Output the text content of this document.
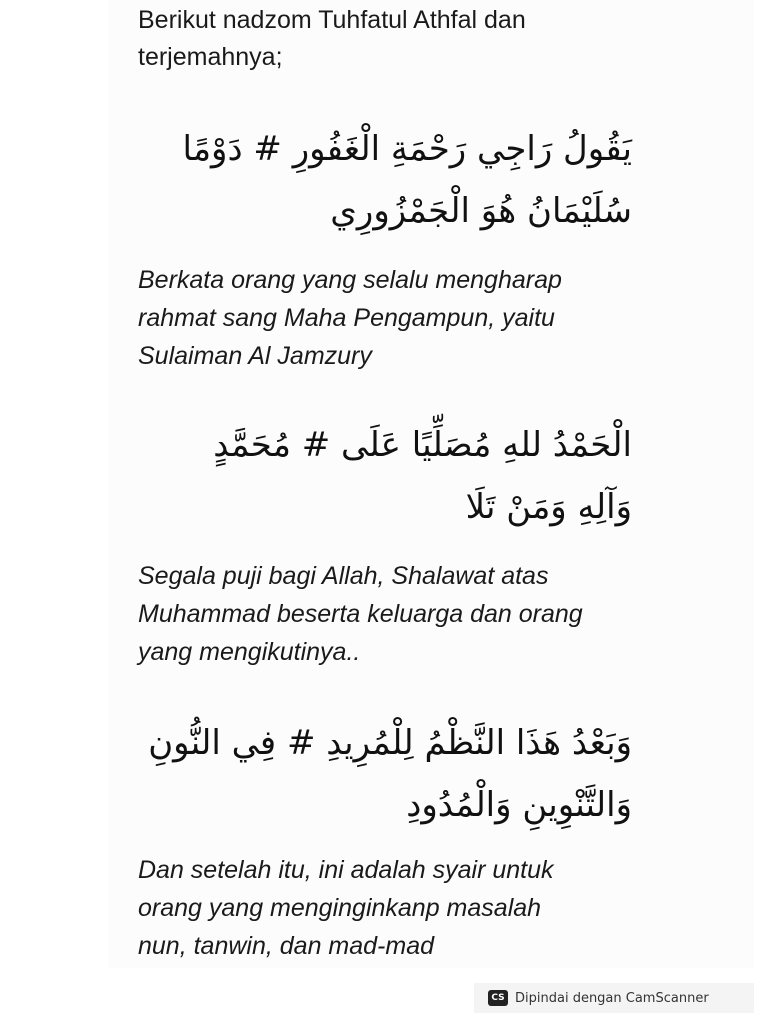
Berikut nadzom Tuhfatul Athfal dan
terjemahnya;
يَقُولُ رَاجِي رَحْمَةِ الْغَفُورِ # دَوْمًا
سُلَيْمَانُ هُوَ الْجَمْزُورِي
Berkata orang yang selalu mengharap
rahmat sang Maha Pengampun, yaitu
Sulaiman Al Jamzury
الْحَمْدُ للهِ مُصَلِّيًا عَلَى # مُحَمَّدٍ
وَآلِهِ وَمَنْ تَلَا
Segala puji bagi Allah, Shalawat atas
Muhammad beserta keluarga dan orang
yang mengikutinya..
وَبَعْدُ هَذَا النَّظْمُ لِلْمُرِيدِ # فِي النُّونِ
وَالتَّنْوِينِ وَالْمُدُودِ
Dan setelah itu, ini adalah syair untuk
orang yang menginginkanp masalah
nun, tanwin, dan mad-mad
CS Dipindai dengan CamScanner
